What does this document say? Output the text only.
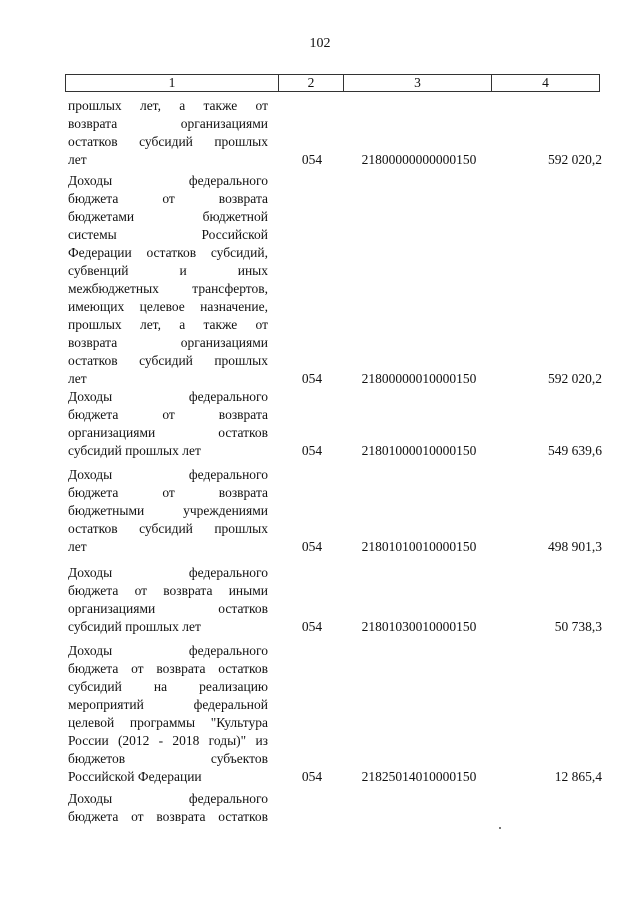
102
1	2	3	4
прошлых лет, а также от
возврата организациями
остатков субсидий прошлых
лет	054	21800000000000150	592 020,2
Доходы федерального
бюджета от возврата
бюджетами бюджетной
системы Российской
Федерации остатков субсидий,
субвенций и иных
межбюджетных трансфертов,
имеющих целевое назначение,
прошлых лет, а также от
возврата организациями
остатков субсидий прошлых
лет	054	21800000010000150	592 020,2
Доходы федерального
бюджета от возврата
организациями остатков
субсидий прошлых лет	054	21801000010000150	549 639,6
Доходы федерального
бюджета от возврата
бюджетными учреждениями
остатков субсидий прошлых
лет	054	21801010010000150	498 901,3
Доходы федерального
бюджета от возврата иными
организациями остатков
субсидий прошлых лет	054	21801030010000150	50 738,3
Доходы федерального
бюджета от возврата остатков
субсидий на реализацию
мероприятий федеральной
целевой программы "Культура
России (2012 - 2018 годы)" из
бюджетов субъектов
Российской Федерации	054	21825014010000150	12 865,4
Доходы федерального
бюджета от возврата остатков
